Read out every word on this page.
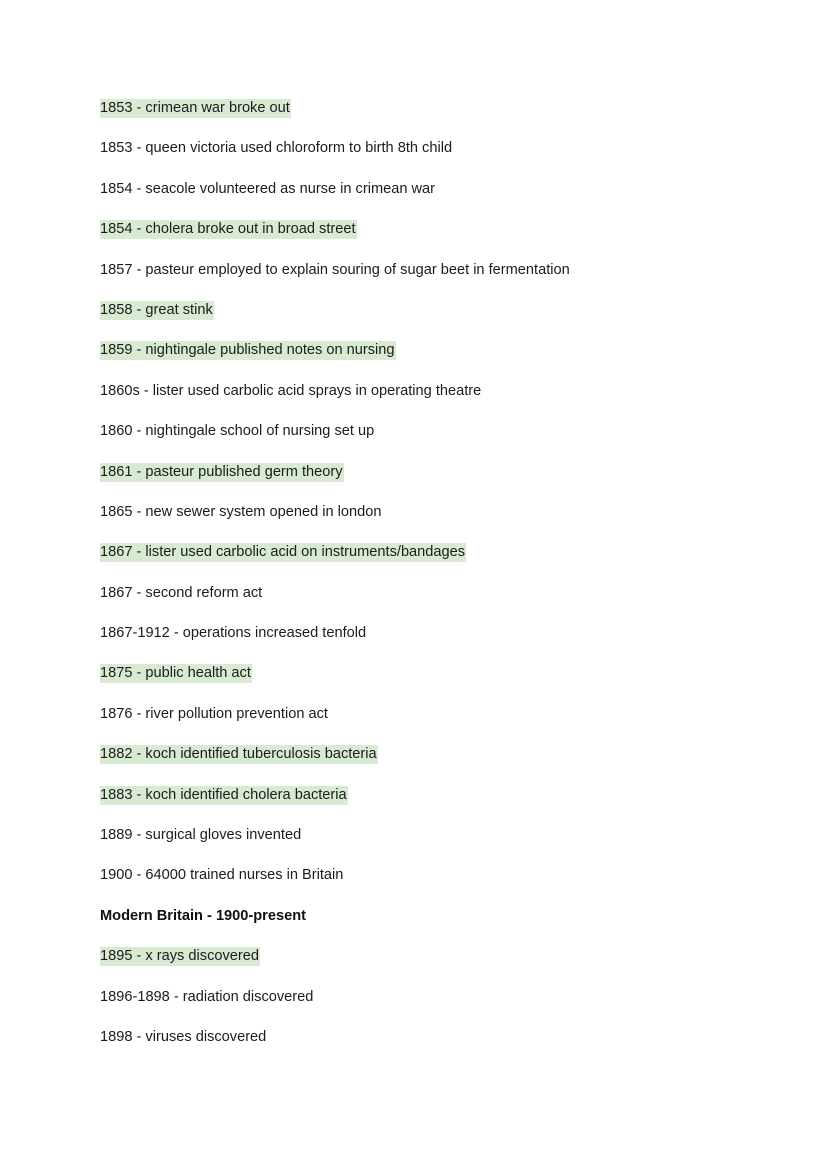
1853 - crimean war broke out
1853 - queen victoria used chloroform to birth 8th child
1854 - seacole volunteered as nurse in crimean war
1854 - cholera broke out in broad street
1857 - pasteur employed to explain souring of sugar beet in fermentation
1858 - great stink
1859 - nightingale published notes on nursing
1860s - lister used carbolic acid sprays in operating theatre
1860 - nightingale school of nursing set up
1861 - pasteur published germ theory
1865 - new sewer system opened in london
1867 - lister used carbolic acid on instruments/bandages
1867 - second reform act
1867-1912 - operations increased tenfold
1875 - public health act
1876 - river pollution prevention act
1882 - koch identified tuberculosis bacteria
1883 - koch identified cholera bacteria
1889 - surgical gloves invented
1900 - 64000 trained nurses in Britain
Modern Britain - 1900-present
1895 - x rays discovered
1896-1898 - radiation discovered
1898 - viruses discovered
